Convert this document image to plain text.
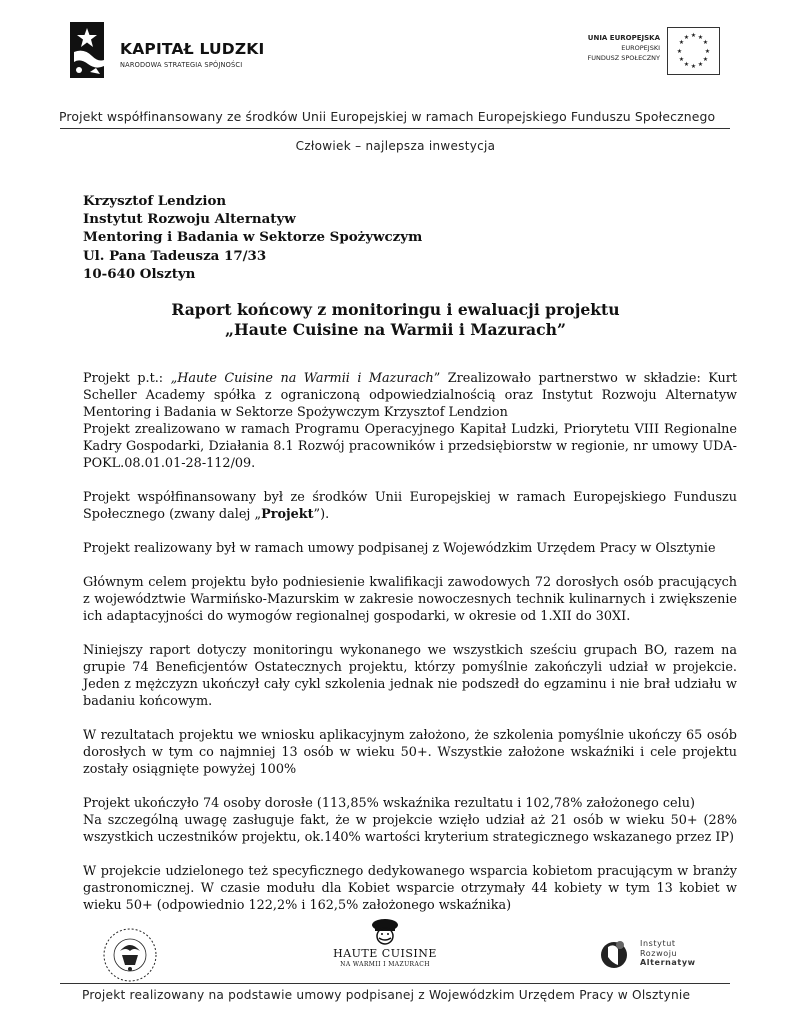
KAPITAŁ LUDZKI
NARODOWA STRATEGIA SPÓJNOŚCI
UNIA EUROPEJSKA
EUROPEJSKI
FUNDUSZ SPOŁECZNY
★ ★
★
★
★
★
★
★
★
★
★
★
Projekt współfinansowany ze środków Unii Europejskiej w ramach Europejskiego Funduszu Społecznego
Człowiek – najlepsza inwestycja
Krzysztof Lendzion
Instytut Rozwoju Alternatyw
Mentoring i Badania w Sektorze Spożywczym
Ul. Pana Tadeusza 17/33
10-640 Olsztyn
Raport końcowy z monitoringu i ewaluacji projektu
„Haute Cuisine na Warmii i Mazurach”

Projekt p.t.: „Haute Cuisine na Warmii i Mazurach” Zrealizowało partnerstwo w składzie: Kurt Scheller Academy spółka z ograniczoną odpowiedzialnością oraz Instytut Rozwoju Alternatyw Mentoring i Badania w Sektorze Spożywczym Krzysztof Lendzion

Projekt zrealizowano w ramach Programu Operacyjnego Kapitał Ludzki, Priorytetu VIII Regionalne Kadry Gospodarki, Działania 8.1 Rozwój pracowników i przedsiębiorstw w regionie, nr umowy UDA-POKL.08.01.01-28-112/09.

Projekt współfinansowany był ze środków Unii Europejskiej w ramach Europejskiego Funduszu Społecznego (zwany dalej „Projekt”).

Projekt realizowany był w ramach umowy podpisanej z Wojewódzkim Urzędem Pracy w Olsztynie

Głównym celem projektu było podniesienie kwalifikacji zawodowych 72 dorosłych osób pracujących z województwie Warmińsko-Mazurskim w zakresie nowoczesnych technik kulinarnych i zwiększenie ich adaptacyjności do wymogów regionalnej gospodarki, w okresie od 1.XII do 30XI.

Niniejszy raport dotyczy monitoringu wykonanego we wszystkich sześciu grupach BO, razem na grupie 74 Beneficjentów Ostatecznych projektu, którzy pomyślnie zakończyli udział w projekcie. Jeden z mężczyzn ukończył cały cykl szkolenia jednak nie podszedł do egzaminu i nie brał udziału w badaniu końcowym.

W rezultatach projektu we wniosku aplikacyjnym założono, że szkolenia pomyślnie ukończy 65 osób dorosłych w tym co najmniej 13 osób w wieku 50+. Wszystkie założone wskaźniki i cele projektu zostały osiągnięte powyżej 100%

Projekt ukończyło 74 osoby dorosłe (113,85% wskaźnika rezultatu i 102,78% założonego celu)

Na szczególną uwagę zasługuje fakt, że w projekcie wzięło udział aż 21 osób w wieku 50+ (28% wszystkich uczestników projektu, ok.140% wartości kryterium strategicznego wskazanego przez IP)

W projekcie udzielonego też specyficznego dedykowanego wsparcia kobietom pracującym w branży gastronomicznej. W czasie modułu dla Kobiet wsparcie otrzymały 44 kobiety w tym 13 kobiet w wieku 50+ (odpowiednio 122,2% i 162,5% założonego wskaźnika)

HAUTE CUISINE
NA WARMII I MAZURACH
Instytut
Rozwoju
Alternatyw
Projekt realizowany na podstawie umowy podpisanej z Wojewódzkim Urzędem Pracy w Olsztynie
